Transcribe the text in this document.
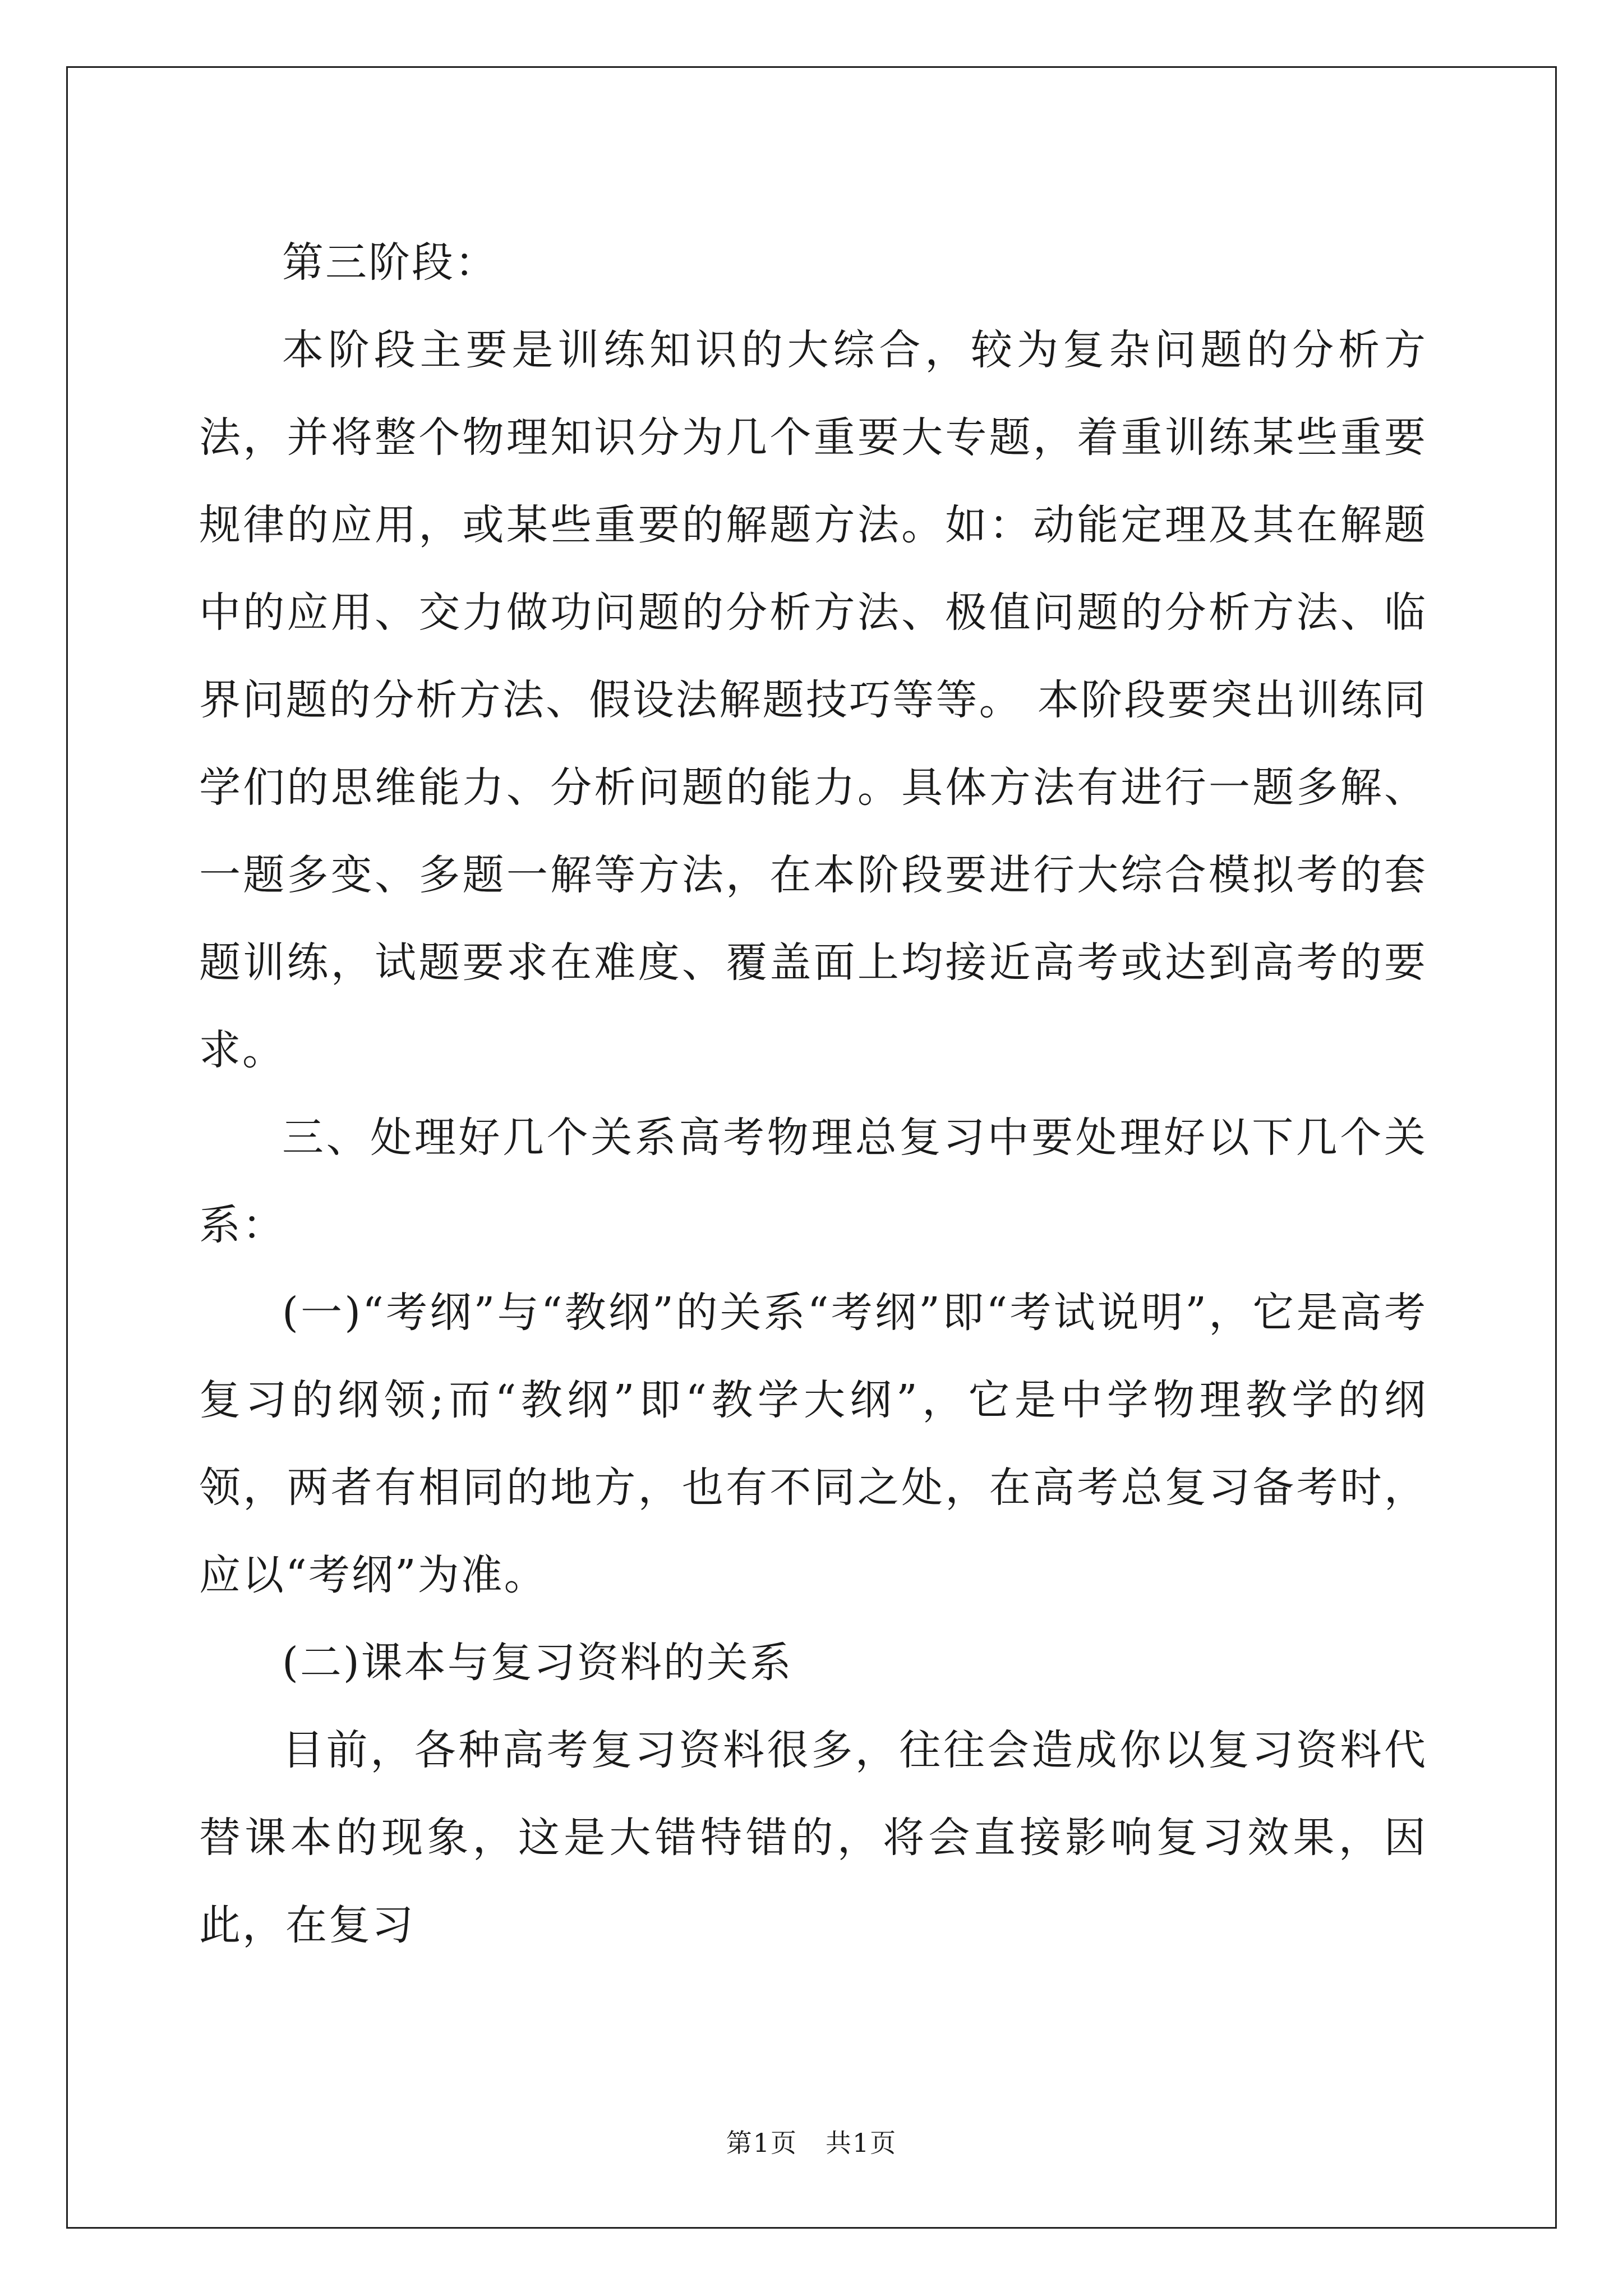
第三阶段：

本阶段主要是训练知识的大综合，较为复杂问题的分析方法，并将整个物理知识分为几个重要大专题，着重训练某些重要规律的应用，或某些重要的解题方法。如：动能定理及其在解题中的应用、交力做功问题的分析方法、极值问题的分析方法、临界问题的分析方法、假设法解题技巧等等。 本阶段要突出训练同学们的思维能力、分析问题的能力。具体方法有进行一题多解、一题多变、多题一解等方法，在本阶段要进行大综合模拟考的套题训练，试题要求在难度、覆盖面上均接近高考或达到高考的要求。

三、处理好几个关系高考物理总复习中要处理好以下几个关系：

(一)“考纲”与“教纲”的关系“考纲”即“考试说明”，它是高考复习的纲领;而“教纲”即“教学大纲”，它是中学物理教学的纲领，两者有相同的地方，也有不同之处，在高考总复习备考时，应以“考纲”为准。

(二)课本与复习资料的关系

目前，各种高考复习资料很多，往往会造成你以复习资料代替课本的现象，这是大错特错的，将会直接影响复习效果，因此，在复习

第1页 共1页
